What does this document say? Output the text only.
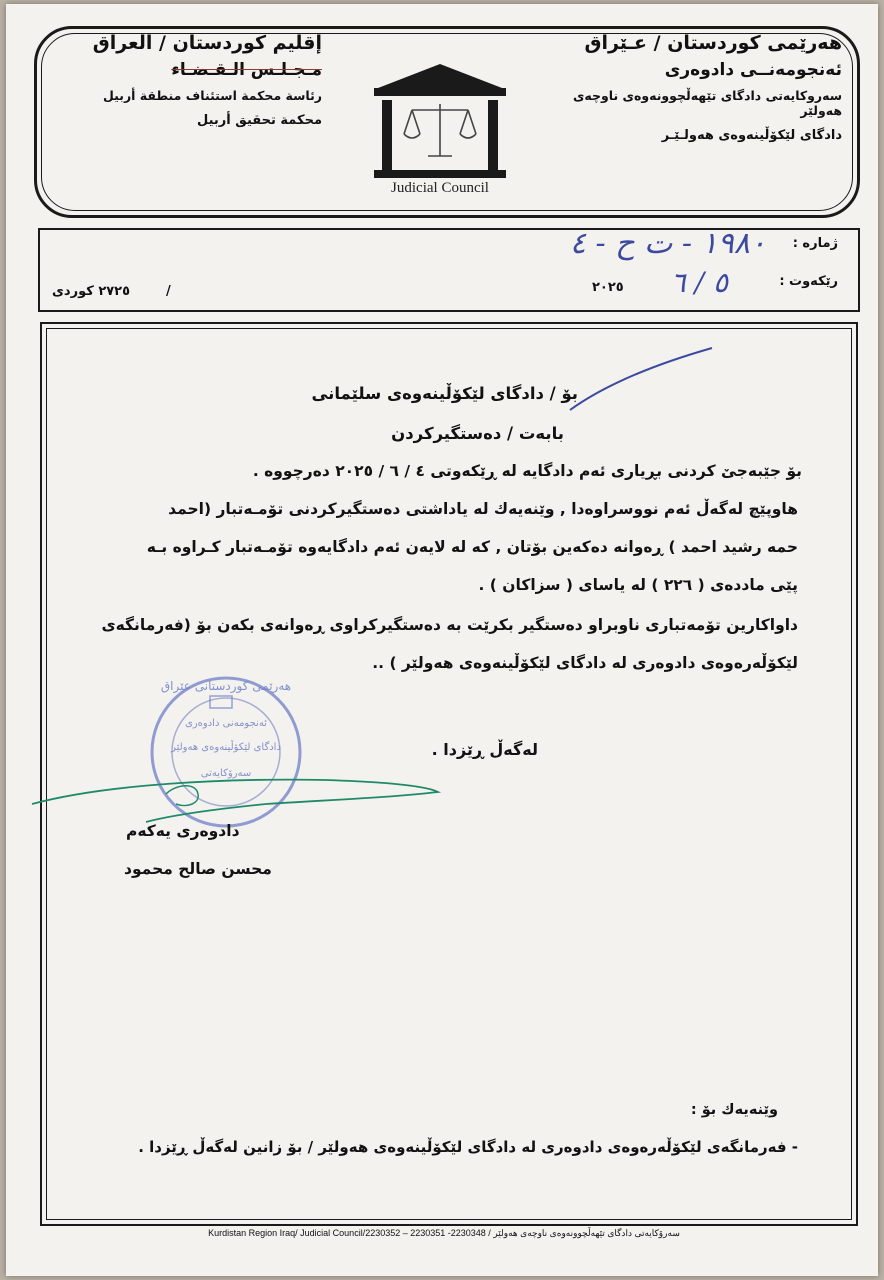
هەرێمی کوردستان / عـێراق
ئەنجومەنــی دادوەری
سەروکایەتی دادگای تێهەڵچوونەوەی ناوچەی هەولێر
دادگای لێکۆڵینەوەی هەولـێـر
إقليم كوردستان / العراق
مـجـلـس الـقـضـاء
رئاسة محكمة استئناف منطقة أربيل
محكمة تحقيق أربيل
Judicial Council
ژماره :
۱۹۸۰ - ت ح - ٤
رێكەوت :
٥ / ٦
٢٠٢٥
٢٧٢٥ كوردى	/
بۆ / دادگای لێکۆڵینەوەی سلێمانی
بابەت / دەستگیرکردن
بۆ جێبەجێ کردنی بڕیاری ئەم دادگایە لە ڕێکەوتی ٤ / ٦ / ٢٠٢٥ دەرچووە .
هاوپێچ لەگەڵ ئەم نووسراوەدا , وێنەیەك لە یاداشتی دەستگیرکردنی تۆمـەتبار (احمد
حمه رشید احمد ) ڕەوانە دەکەین بۆتان , کە لە لایەن ئەم دادگایەوە تۆمـەتبار کـراوە بـە
پێی ماددەی ( ٢٢٦ ) لە یاسای ( سزاکان ) .
داواکارین تۆمەتباری ناوبراو دەستگیر بکرێت بە دەستگیرکراوی ڕەوانەی بکەن بۆ (فەرمانگەی
لێکۆڵەرەوەی دادوەری لە دادگای لێکۆڵینەوەی هەولێر ) ..
لەگەڵ ڕێزدا .
هەرێمی کوردستانی عێراق
ئەنجومەنی دادوەری
دادگای لێکۆڵینەوەی هەولێر
سەرۆکایەتی
دادوەری یەکەم
محسن صالح محمود
وێنەیەك بۆ :
- فەرمانگەی لێکۆڵەرەوەی دادوەری لە دادگای لێکۆڵینەوەی هەولێر / بۆ زانین لەگەڵ ڕێزدا .
Kurdistan Region Iraq/ Judicial Council/2230352 – 2230351 -2230348 / سەرۆکایەتی دادگای تێهەڵچوونەوەی ناوچەی هەولێر
